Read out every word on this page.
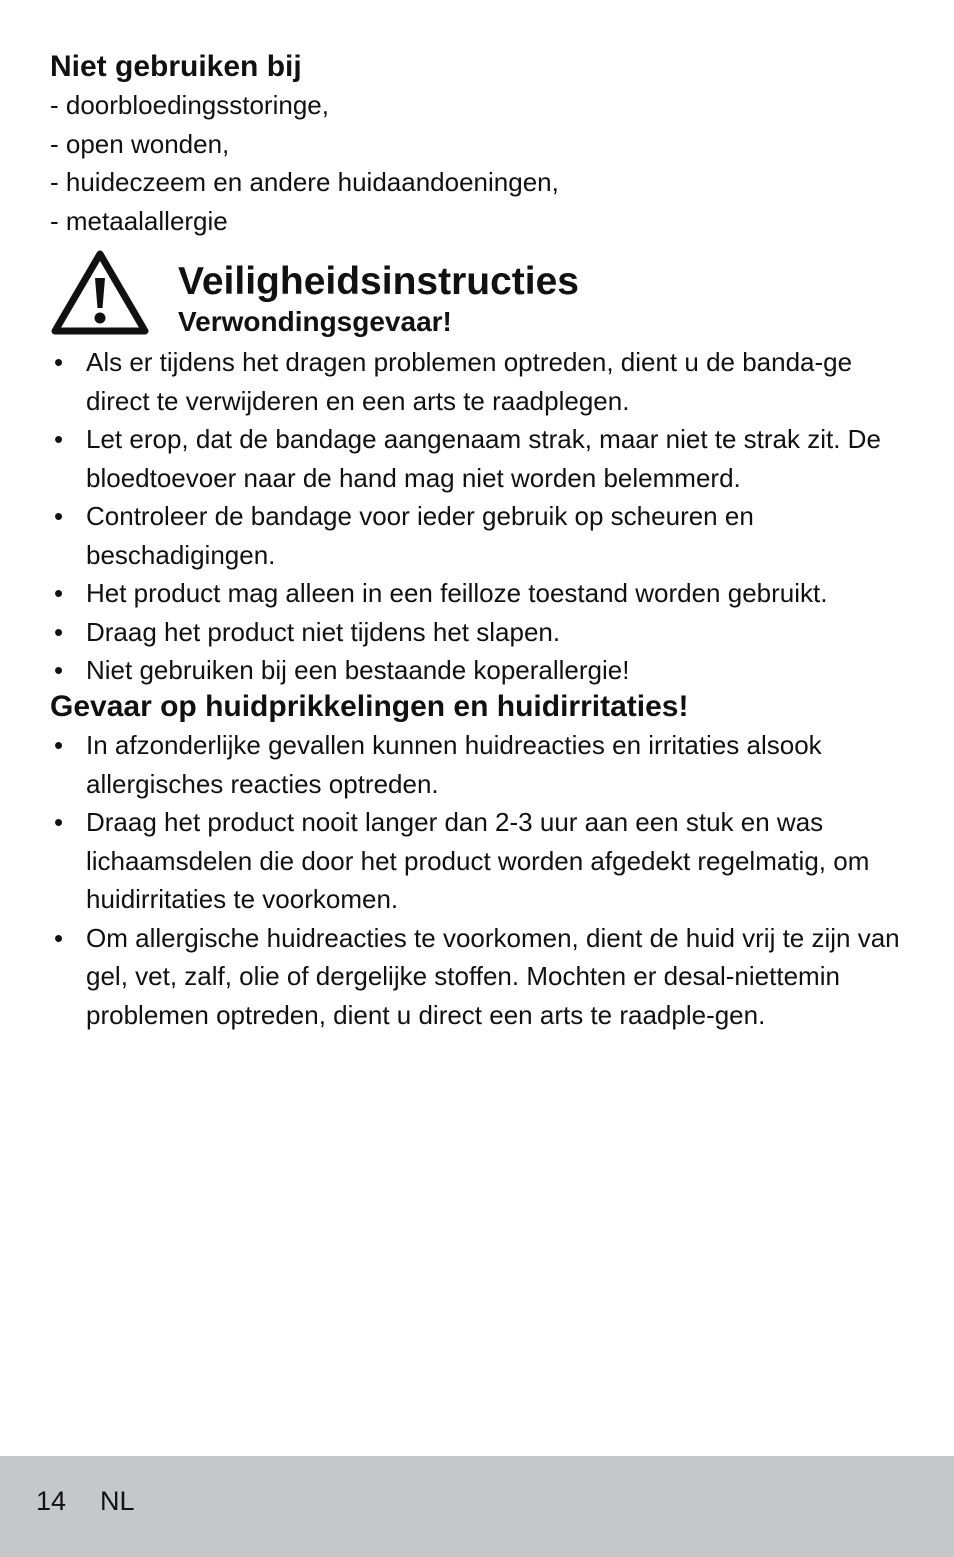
Niet gebruiken bij
- doorbloedingsstoringe,
- open wonden,
- huideczeem en andere huidaandoeningen,
- metaalallergie
Veiligheidsinstructies
Verwondingsgevaar!
• Als er tijdens het dragen problemen optreden, dient u de banda-ge direct te verwijderen en een arts te raadplegen.
• Let erop, dat de bandage aangenaam strak, maar niet te strak zit. De bloedtoevoer naar de hand mag niet worden belemmerd.
• Controleer de bandage voor ieder gebruik op scheuren en beschadigingen.
• Het product mag alleen in een feilloze toestand worden gebruikt.
• Draag het product niet tijdens het slapen.
• Niet gebruiken bij een bestaande koperallergie!
Gevaar op huidprikkelingen en huidirritaties!
• In afzonderlijke gevallen kunnen huidreacties en irritaties alsook allergisches reacties optreden.
• Draag het product nooit langer dan 2-3 uur aan een stuk en was lichaamsdelen die door het product worden afgedekt regelmatig, om huidirritaties te voorkomen.
• Om allergische huidreacties te voorkomen, dient de huid vrij te zijn van gel, vet, zalf, olie of dergelijke stoffen. Mochten er desal-niettemin problemen optreden, dient u direct een arts te raadple-gen.
14 NL
